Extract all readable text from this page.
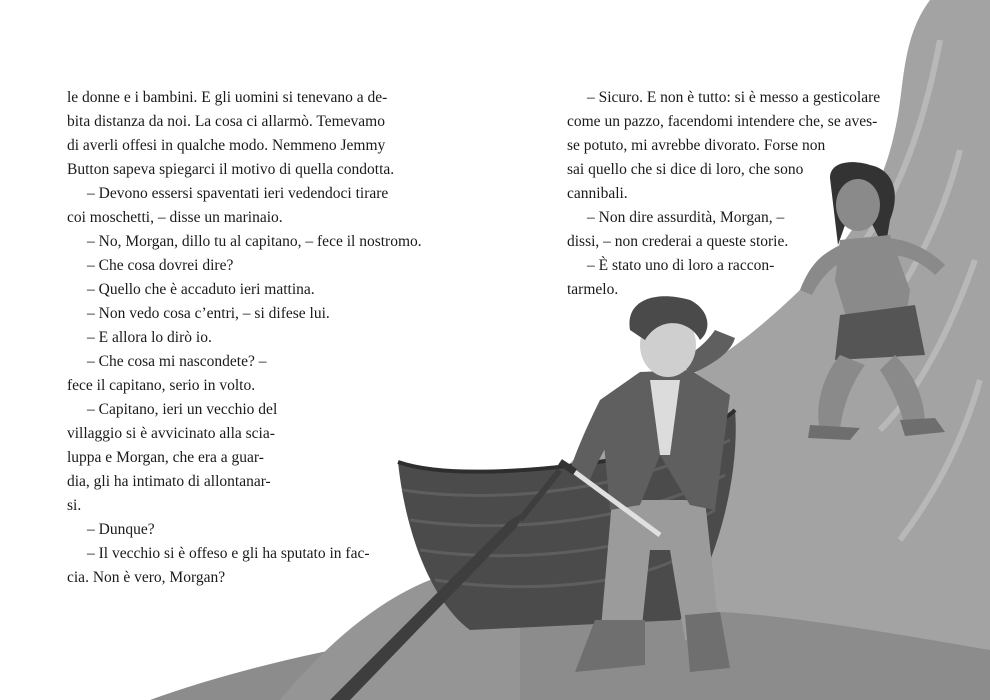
le donne e i bambini. E gli uomini si tenevano a de-
bita distanza da noi. La cosa ci allarmò. Temevamo
di averli offesi in qualche modo. Nemmeno Jemmy
Button sapeva spiegarci il motivo di quella condotta.
– Devono essersi spaventati ieri vedendoci tirare
coi moschetti, – disse un marinaio.
– No, Morgan, dillo tu al capitano, – fece il nostromo.
– Che cosa dovrei dire?
– Quello che è accaduto ieri mattina.
– Non vedo cosa c’entri, – si difese lui.
– E allora lo dirò io.
– Che cosa mi nascondete? –
fece il capitano, serio in volto.
– Capitano, ieri un vecchio del
villaggio si è avvicinato alla scia-
luppa e Morgan, che era a guar-
dia, gli ha intimato di allontanar-
si.
– Dunque?
– Il vecchio si è offeso e gli ha sputato in fac-
cia. Non è vero, Morgan?
– Sicuro. E non è tutto: si è messo a gesticolare
come un pazzo, facendomi intendere che, se aves-
se potuto, mi avrebbe divorato. Forse non
sai quello che si dice di loro, che sono
cannibali.
– Non dire assurdità, Morgan, –
dissi, – non crederai a queste storie.
– È stato uno di loro a raccon-
tarmelo.
